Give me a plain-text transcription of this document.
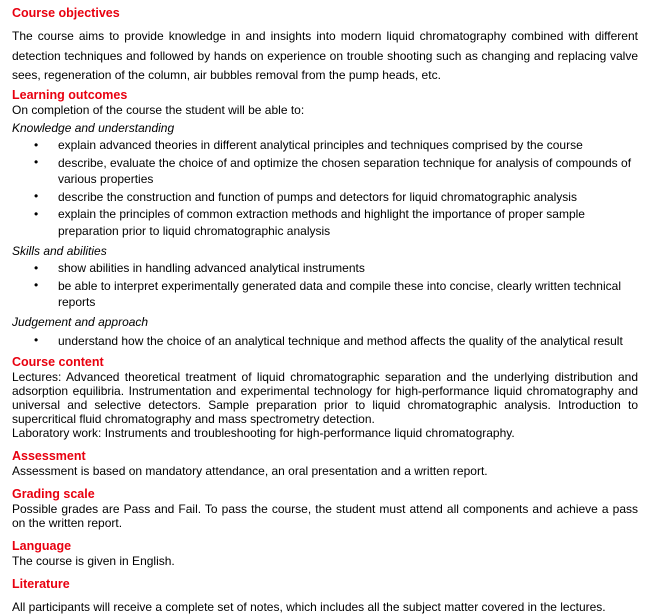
Course objectives
The course aims to provide knowledge in and insights into modern liquid chromatography combined with different detection techniques and followed by hands on experience on trouble shooting such as changing and replacing valve sees, regeneration of the column, air bubbles removal from the pump heads, etc.
Learning outcomes
On completion of the course the student will be able to:
Knowledge and understanding
• explain advanced theories in different analytical principles and techniques comprised by the course
• describe, evaluate the choice of and optimize the chosen separation technique for analysis of compounds of various properties
• describe the construction and function of pumps and detectors for liquid chromatographic analysis
• explain the principles of common extraction methods and highlight the importance of proper sample preparation prior to liquid chromatographic analysis
Skills and abilities
• show abilities in handling advanced analytical instruments
• be able to interpret experimentally generated data and compile these into concise, clearly written technical reports
Judgement and approach
• understand how the choice of an analytical technique and method affects the quality of the analytical result
Course content
Lectures: Advanced theoretical treatment of liquid chromatographic separation and the underlying distribution and adsorption equilibria. Instrumentation and experimental technology for high-performance liquid chromatography and universal and selective detectors. Sample preparation prior to liquid chromatographic analysis. Introduction to supercritical fluid chromatography and mass spectrometry detection.
Laboratory work: Instruments and troubleshooting for high-performance liquid chromatography.
Assessment
Assessment is based on mandatory attendance, an oral presentation and a written report.
Grading scale
Possible grades are Pass and Fail. To pass the course, the student must attend all components and achieve a pass on the written report.
Language
The course is given in English.
Literature
All participants will receive a complete set of notes, which includes all the subject matter covered in the lectures.
